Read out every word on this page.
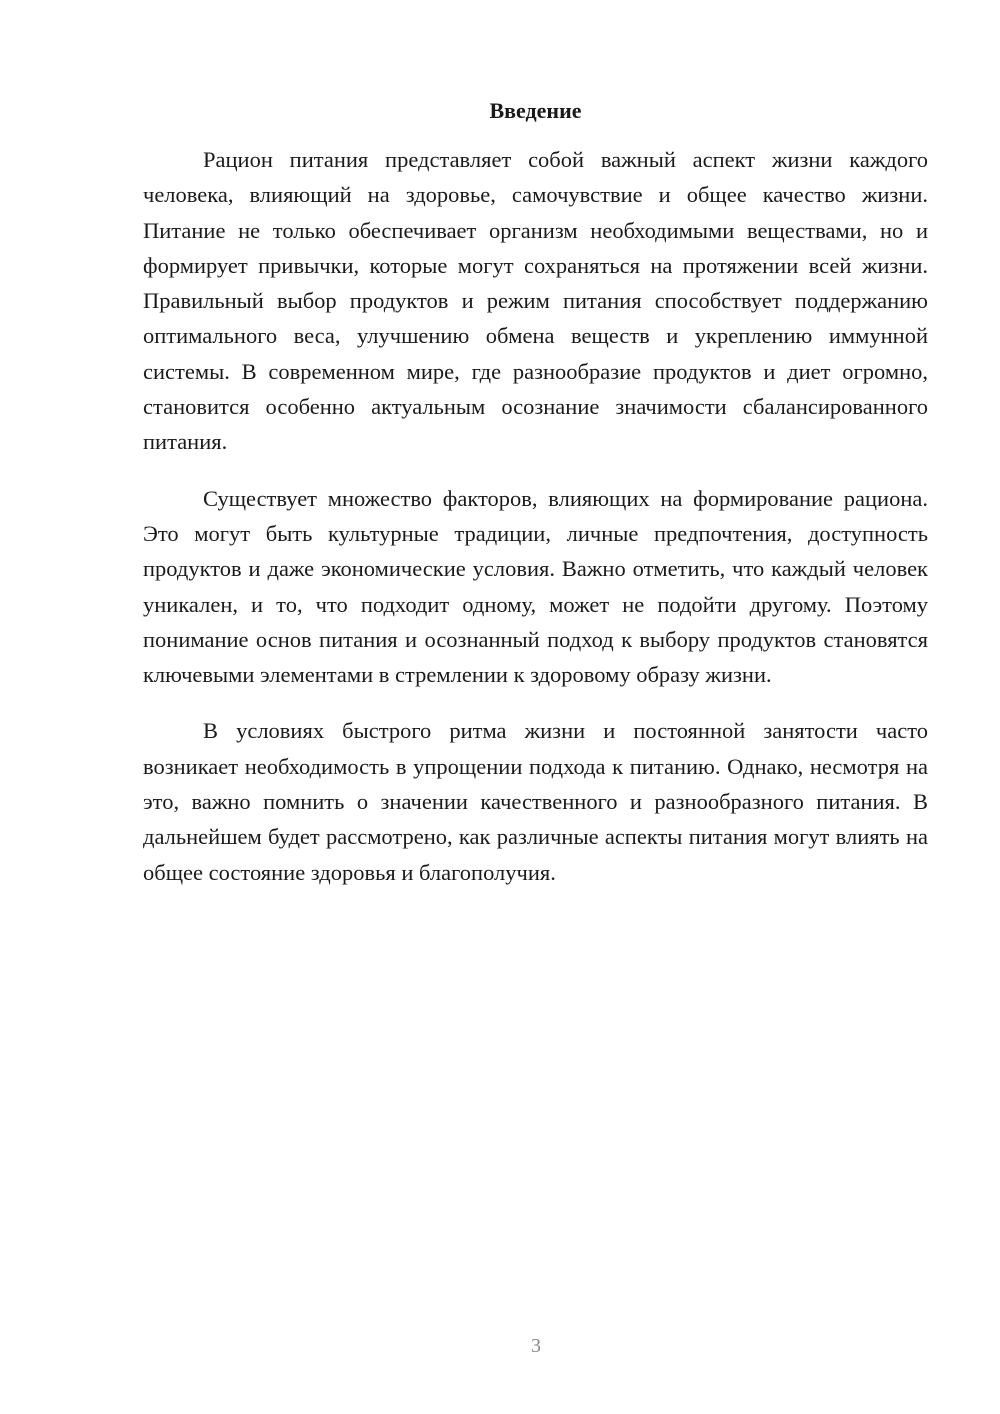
Введение

Рацион питания представляет собой важный аспект жизни каждого человека, влияющий на здоровье, самочувствие и общее качество жизни. Питание не только обеспечивает организм необходимыми веществами, но и формирует привычки, которые могут сохраняться на протяжении всей жизни. Правильный выбор продуктов и режим питания способствует поддержанию оптимального веса, улучшению обмена веществ и укреплению иммунной системы. В современном мире, где разнообразие продуктов и диет огромно, становится особенно актуальным осознание значимости сбалансированного питания.

Существует множество факторов, влияющих на формирование рациона. Это могут быть культурные традиции, личные предпочтения, доступность продуктов и даже экономические условия. Важно отметить, что каждый человек уникален, и то, что подходит одному, может не подойти другому. Поэтому понимание основ питания и осознанный подход к выбору продуктов становятся ключевыми элементами в стремлении к здоровому образу жизни.

В условиях быстрого ритма жизни и постоянной занятости часто возникает необходимость в упрощении подхода к питанию. Однако, несмотря на это, важно помнить о значении качественного и разнообразного питания. В дальнейшем будет рассмотрено, как различные аспекты питания могут влиять на общее состояние здоровья и благополучия.

3
